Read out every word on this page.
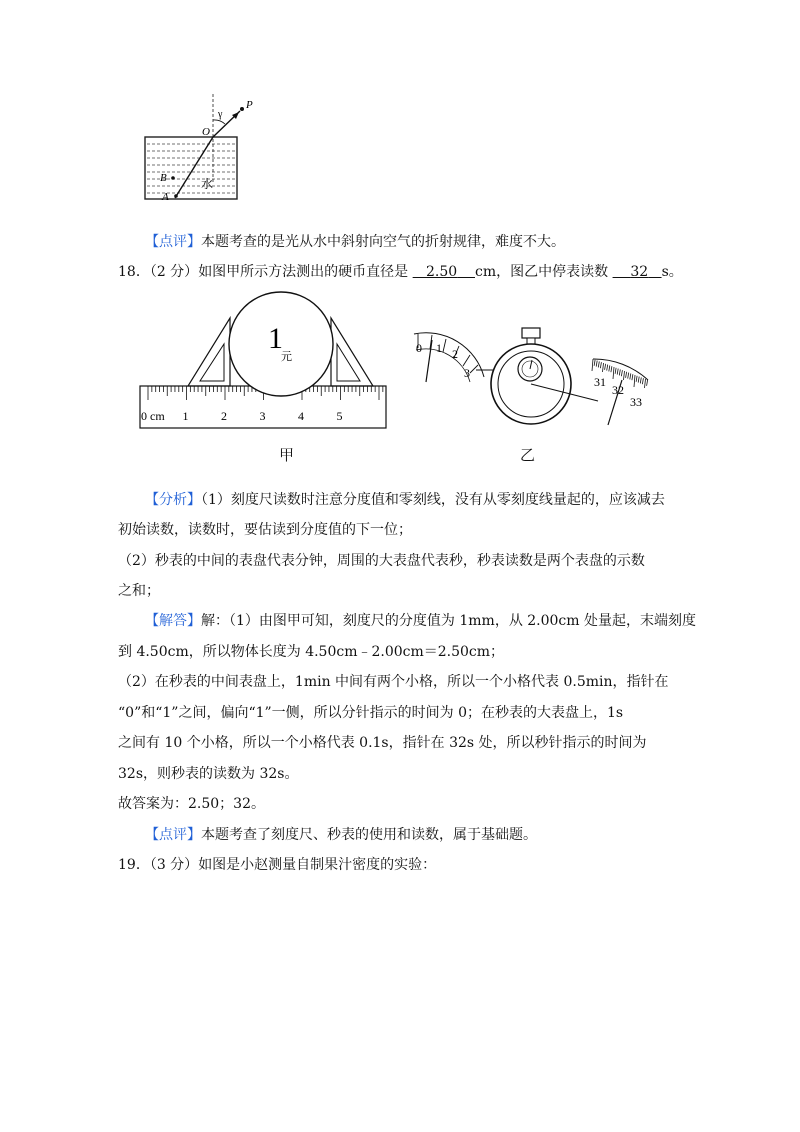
γ
P
O
B
A
水
【点评】本题考查的是光从水中斜射向空气的折射规律，难度不大。
18．（2 分）如图甲所示方法测出的硬币直径是 2.50 cm，图乙中停表读数 32 s。
1
元
0 cm 1	2	3	4	5
甲
0 1 2
3
31
32
33
乙
【分析】（1）刻度尺读数时注意分度值和零刻线，没有从零刻度线量起的，应该减去
初始读数，读数时，要估读到分度值的下一位；
（2）秒表的中间的表盘代表分钟，周围的大表盘代表秒，秒表读数是两个表盘的示数
之和；
【解答】解：（1）由图甲可知，刻度尺的分度值为 1mm，从 2.00cm 处量起，末端刻度
到 4.50cm，所以物体长度为 4.50cm﹣2.00cm＝2.50cm；
（2）在秒表的中间表盘上，1min 中间有两个小格，所以一个小格代表 0.5min，指针在
“0”和“1”之间，偏向“1”一侧，所以分针指示的时间为 0；在秒表的大表盘上，1s
之间有 10 个小格，所以一个小格代表 0.1s，指针在 32s 处，所以秒针指示的时间为
32s，则秒表的读数为 32s。
故答案为：2.50；32。
【点评】本题考查了刻度尺、秒表的使用和读数，属于基础题。
19．（3 分）如图是小赵测量自制果汁密度的实验：
